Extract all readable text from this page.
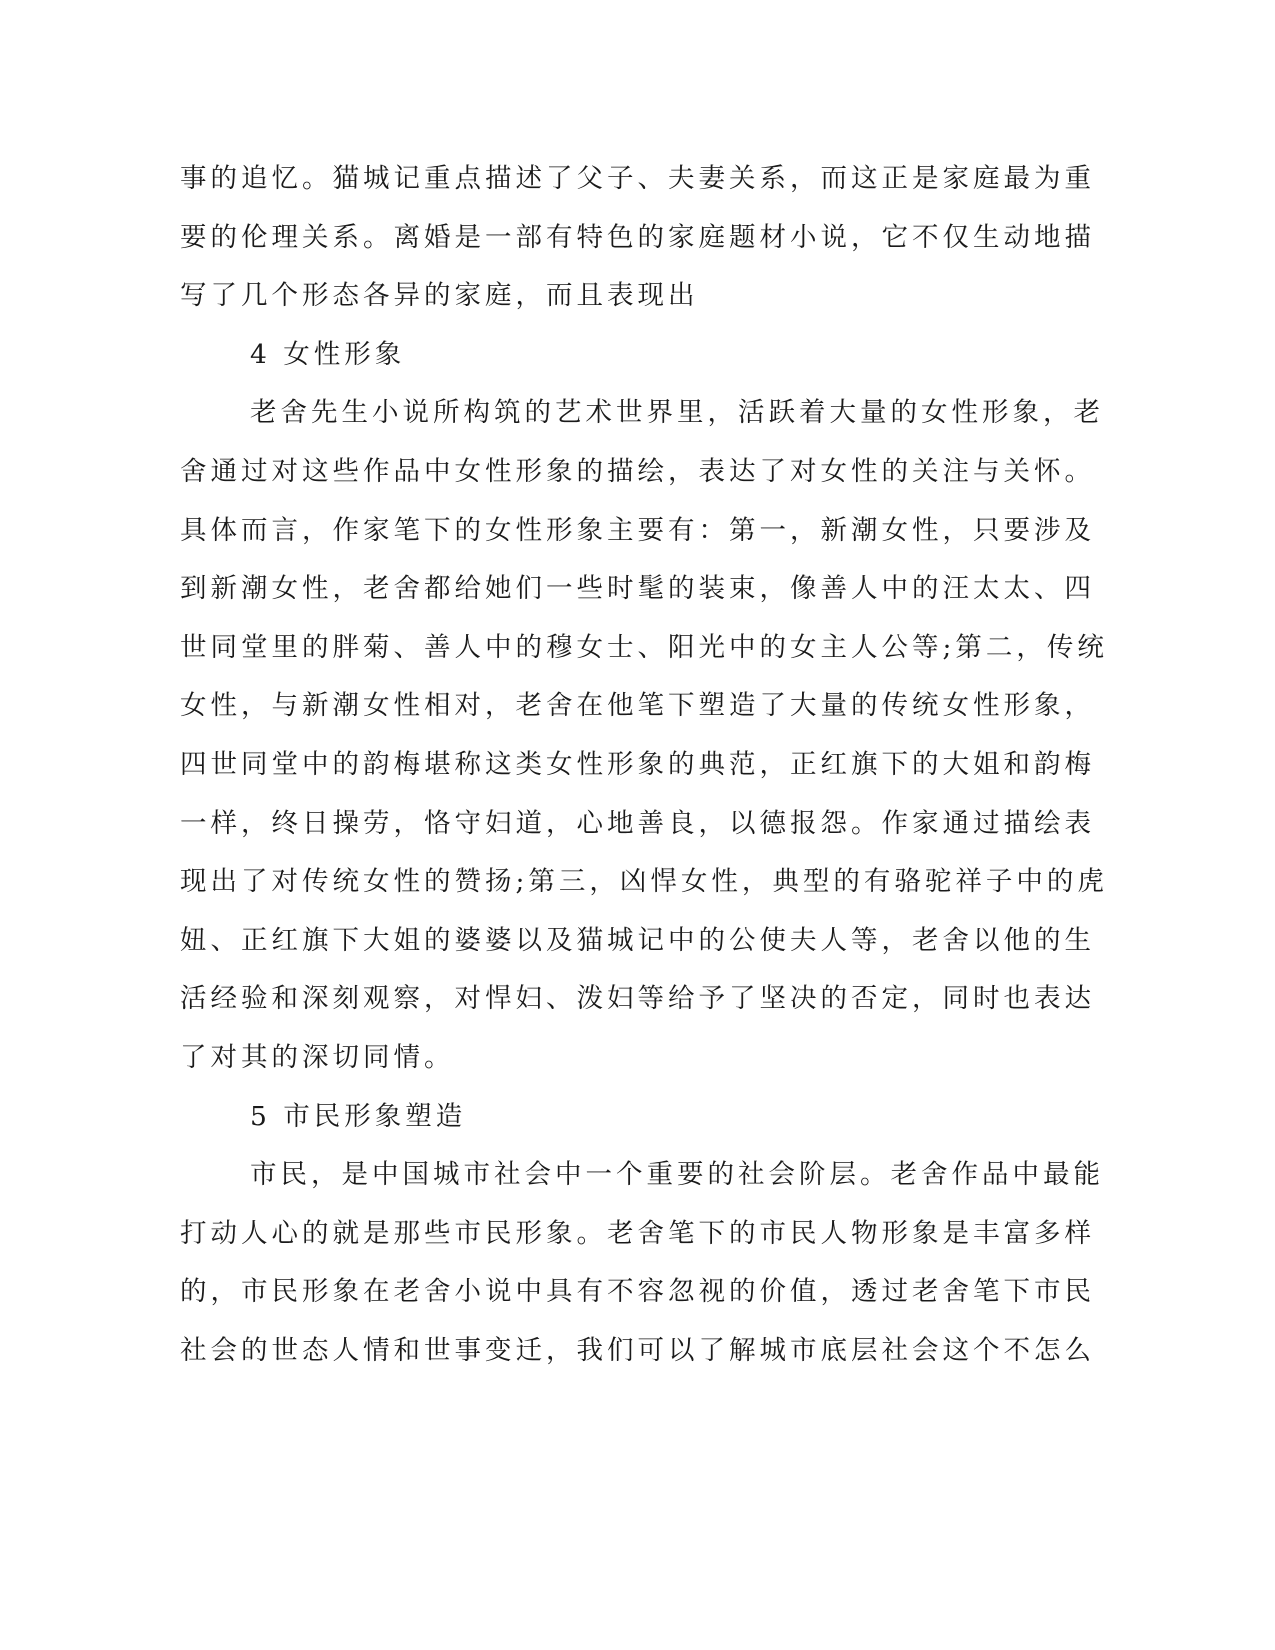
事的追忆。猫城记重点描述了父子、夫妻关系，而这正是家庭最为重
要的伦理关系。离婚是一部有特色的家庭题材小说，它不仅生动地描
写了几个形态各异的家庭，而且表现出

4 女性形象

老舍先生小说所构筑的艺术世界里，活跃着大量的女性形象，老
舍通过对这些作品中女性形象的描绘，表达了对女性的关注与关怀。
具体而言，作家笔下的女性形象主要有：第一，新潮女性，只要涉及
到新潮女性，老舍都给她们一些时髦的装束，像善人中的汪太太、四
世同堂里的胖菊、善人中的穆女士、阳光中的女主人公等;第二，传统
女性，与新潮女性相对，老舍在他笔下塑造了大量的传统女性形象，
四世同堂中的韵梅堪称这类女性形象的典范，正红旗下的大姐和韵梅
一样，终日操劳，恪守妇道，心地善良，以德报怨。作家通过描绘表
现出了对传统女性的赞扬;第三，凶悍女性，典型的有骆驼祥子中的虎
妞、正红旗下大姐的婆婆以及猫城记中的公使夫人等，老舍以他的生
活经验和深刻观察，对悍妇、泼妇等给予了坚决的否定，同时也表达
了对其的深切同情。

5 市民形象塑造

市民，是中国城市社会中一个重要的社会阶层。老舍作品中最能
打动人心的就是那些市民形象。老舍笔下的市民人物形象是丰富多样
的，市民形象在老舍小说中具有不容忽视的价值，透过老舍笔下市民
社会的世态人情和世事变迁，我们可以了解城市底层社会这个不怎么
